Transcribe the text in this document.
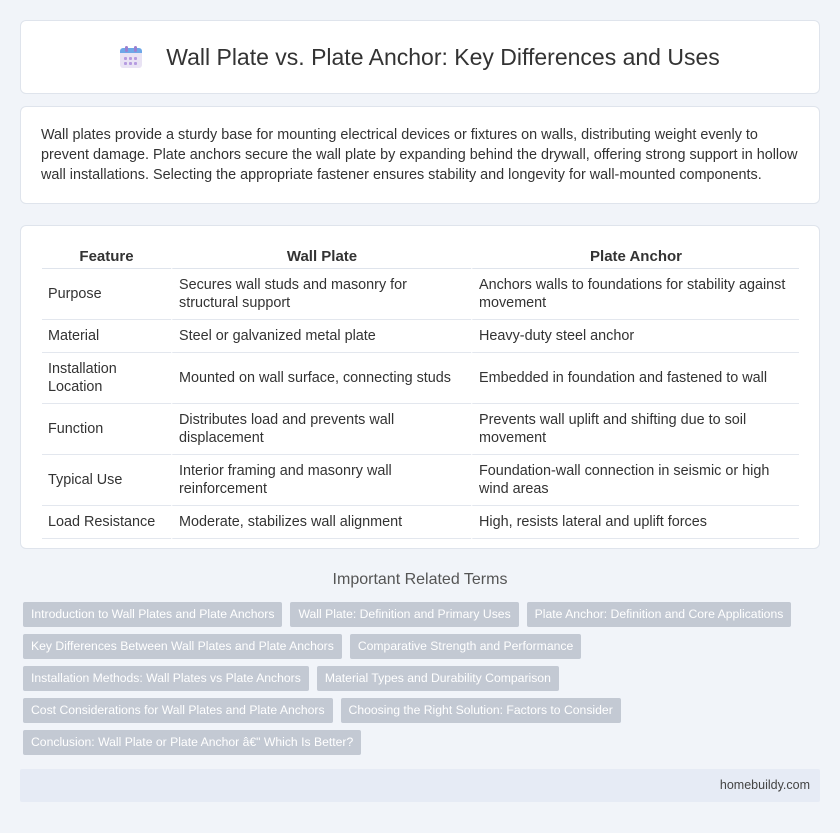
Wall Plate vs. Plate Anchor: Key Differences and Uses

Wall plates provide a sturdy base for mounting electrical devices or fixtures on walls, distributing weight evenly to prevent damage. Plate anchors secure the wall plate by expanding behind the drywall, offering strong support in hollow wall installations. Selecting the appropriate fastener ensures stability and longevity for wall-mounted components.

Feature	Wall Plate	Plate Anchor
Purpose	Secures wall studs and masonry for structural support	Anchors walls to foundations for stability against movement
Material	Steel or galvanized metal plate	Heavy-duty steel anchor
Installation Location	Mounted on wall surface, connecting studs	Embedded in foundation and fastened to wall
Function	Distributes load and prevents wall displacement	Prevents wall uplift and shifting due to soil movement
Typical Use	Interior framing and masonry wall reinforcement	Foundation-wall connection in seismic or high wind areas
Load Resistance	Moderate, stabilizes wall alignment	High, resists lateral and uplift forces
Important Related Terms
Introduction to Wall Plates and Plate Anchors	Wall Plate: Definition and Primary Uses	Plate Anchor: Definition and Core Applications
Key Differences Between Wall Plates and Plate Anchors	Comparative Strength and Performance
Installation Methods: Wall Plates vs Plate Anchors	Material Types and Durability Comparison
Cost Considerations for Wall Plates and Plate Anchors	Choosing the Right Solution: Factors to Consider
Conclusion: Wall Plate or Plate Anchor â€" Which Is Better?
homebuildy.com
